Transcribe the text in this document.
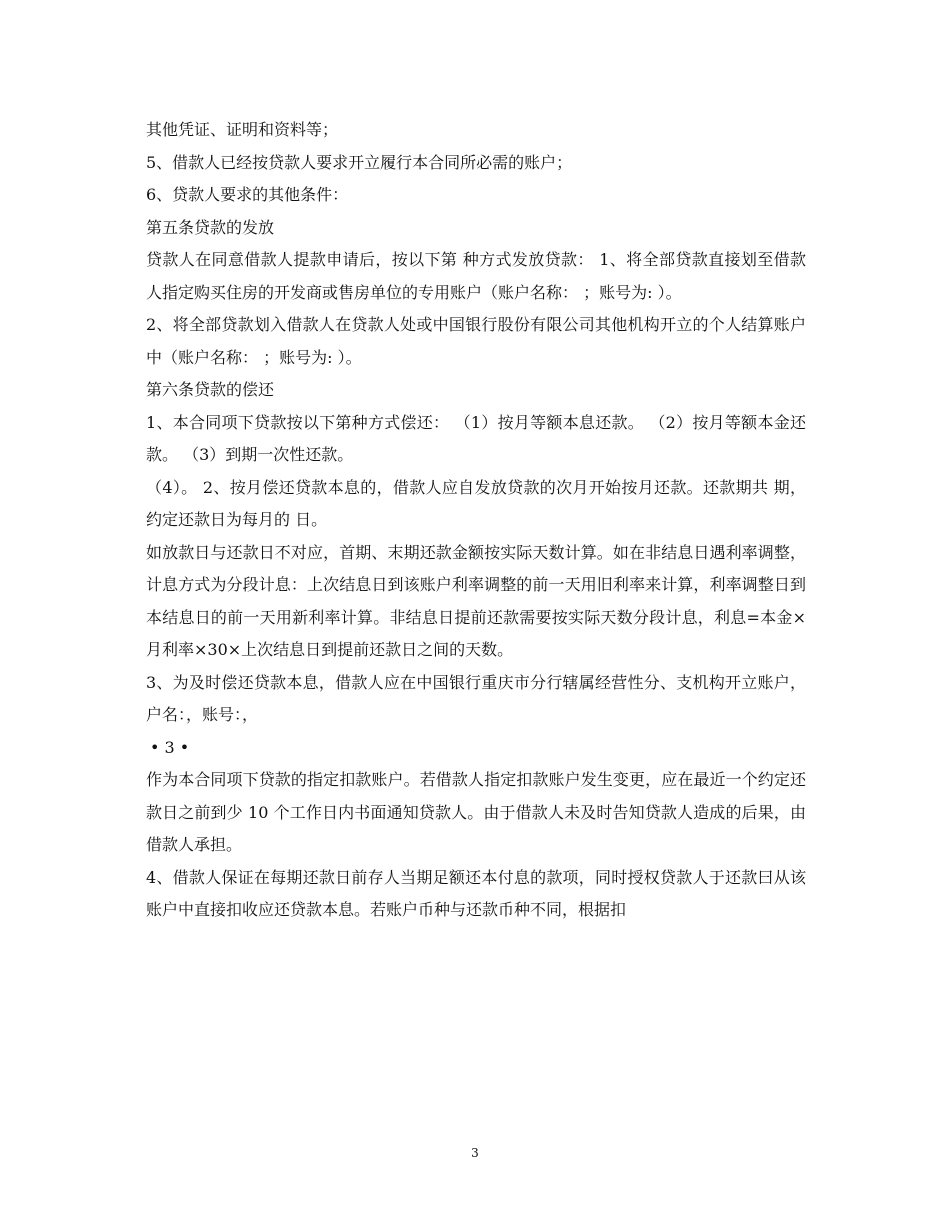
其他凭证、证明和资料等；

5、借款人已经按贷款人要求开立履行本合同所必需的账户；

6、贷款人要求的其他条件：

第五条贷款的发放

贷款人在同意借款人提款申请后，按以下第 种方式发放贷款： 1、将全部贷款直接划至借款人指定购买住房的开发商或售房单位的专用账户（账户名称： ；账号为: ）。

2、将全部贷款划入借款人在贷款人处或中国银行股份有限公司其他机构开立的个人结算账户中（账户名称： ；账号为: ）。

第六条贷款的偿还

1、本合同项下贷款按以下第种方式偿还： （1）按月等额本息还款。 （2）按月等额本金还款。 （3）到期一次性还款。

（4）。 2、按月偿还贷款本息的，借款人应自发放贷款的次月开始按月还款。还款期共 期，约定还款日为每月的 日。

如放款日与还款日不对应，首期、末期还款金额按实际天数计算。如在非结息日遇利率调整，计息方式为分段计息：上次结息日到该账户利率调整的前一天用旧利率来计算，利率调整日到本结息日的前一天用新利率计算。非结息日提前还款需要按实际天数分段计息，利息=本金×月利率×30×上次结息日到提前还款日之间的天数。

3、为及时偿还贷款本息，借款人应在中国银行重庆市分行辖属经营性分、支机构开立账户，户名：，账号：，

• 3 •

作为本合同项下贷款的指定扣款账户。若借款人指定扣款账户发生变更，应在最近一个约定还款日之前到少 10 个工作日内书面通知贷款人。由于借款人未及时告知贷款人造成的后果，由借款人承担。

4、借款人保证在每期还款日前存人当期足额还本付息的款项，同时授权贷款人于还款曰从该账户中直接扣收应还贷款本息。若账户币种与还款币种不同，根据扣

3
